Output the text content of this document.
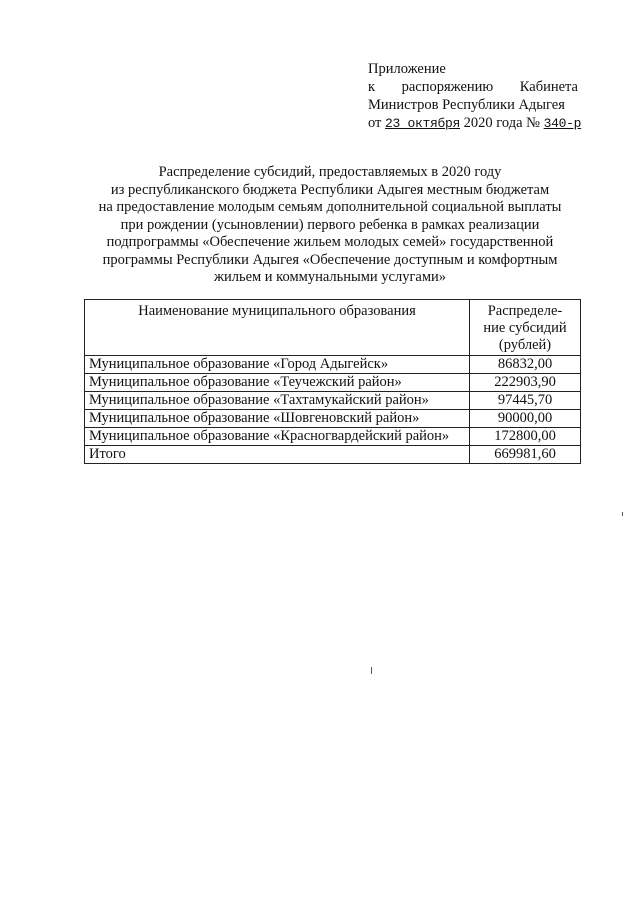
Приложение
к распоряжению Кабинета
Министров Республики Адыгея
от 23 октября 2020 года № 340-р
Распределение субсидий, предоставляемых в 2020 году
из республиканского бюджета Республики Адыгея местным бюджетам
на предоставление молодым семьям дополнительной социальной выплаты
при рождении (усыновлении) первого ребенка в рамках реализации
подпрограммы «Обеспечение жильем молодых семей» государственной
программы Республики Адыгея «Обеспечение доступным и комфортным
жильем и коммунальными услугами»
Наименование муниципального образования	Распределе-
ние субсидий
(рублей)

Муниципальное образование «Город Адыгейск»	86832,00
Муниципальное образование «Теучежский район»	222903,90
Муниципальное образование «Тахтамукайский район»	97445,70
Муниципальное образование «Шовгеновский район»	90000,00
Муниципальное образование «Красногвардейский район»	172800,00
Итого	669981,60
